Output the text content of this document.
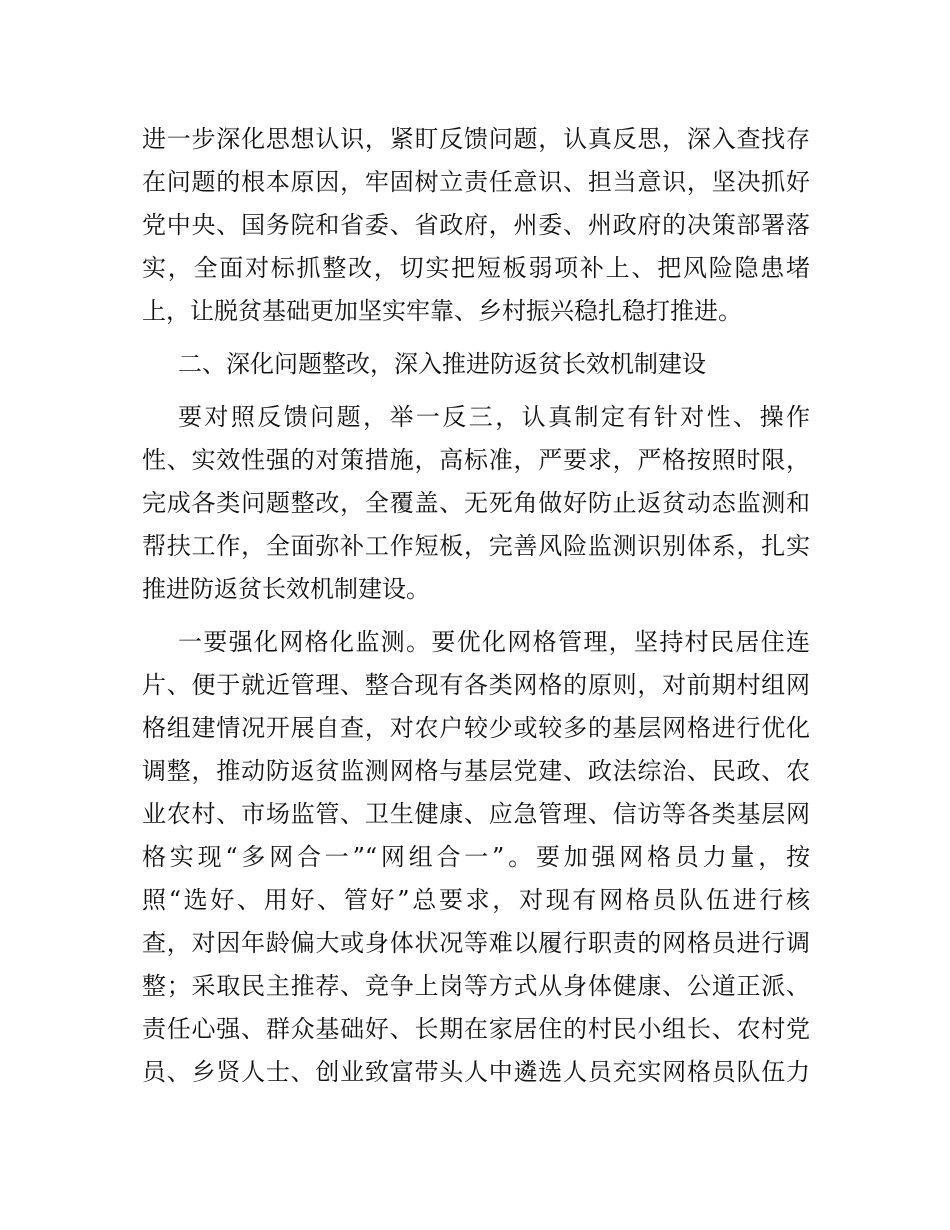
进一步深化思想认识，紧盯反馈问题，认真反思，深入查找存
在问题的根本原因，牢固树立责任意识、担当意识，坚决抓好
党中央、国务院和省委、省政府，州委、州政府的决策部署落
实，全面对标抓整改，切实把短板弱项补上、把风险隐患堵
上，让脱贫基础更加坚实牢靠、乡村振兴稳扎稳打推进。
二、深化问题整改，深入推进防返贫长效机制建设
要对照反馈问题，举一反三，认真制定有针对性、操作
性、实效性强的对策措施，高标准，严要求，严格按照时限，
完成各类问题整改，全覆盖、无死角做好防止返贫动态监测和
帮扶工作，全面弥补工作短板，完善风险监测识别体系，扎实
推进防返贫长效机制建设。
一要强化网格化监测。要优化网格管理，坚持村民居住连
片、便于就近管理、整合现有各类网格的原则，对前期村组网
格组建情况开展自查，对农户较少或较多的基层网格进行优化
调整，推动防返贫监测网格与基层党建、政法综治、民政、农
业农村、市场监管、卫生健康、应急管理、信访等各类基层网
格实现“多网合一”“网组合一”。要加强网格员力量，按
照“选好、用好、管好”总要求，对现有网格员队伍进行核
查，对因年龄偏大或身体状况等难以履行职责的网格员进行调
整；采取民主推荐、竞争上岗等方式从身体健康、公道正派、
责任心强、群众基础好、长期在家居住的村民小组长、农村党
员、乡贤人士、创业致富带头人中遴选人员充实网格员队伍力
